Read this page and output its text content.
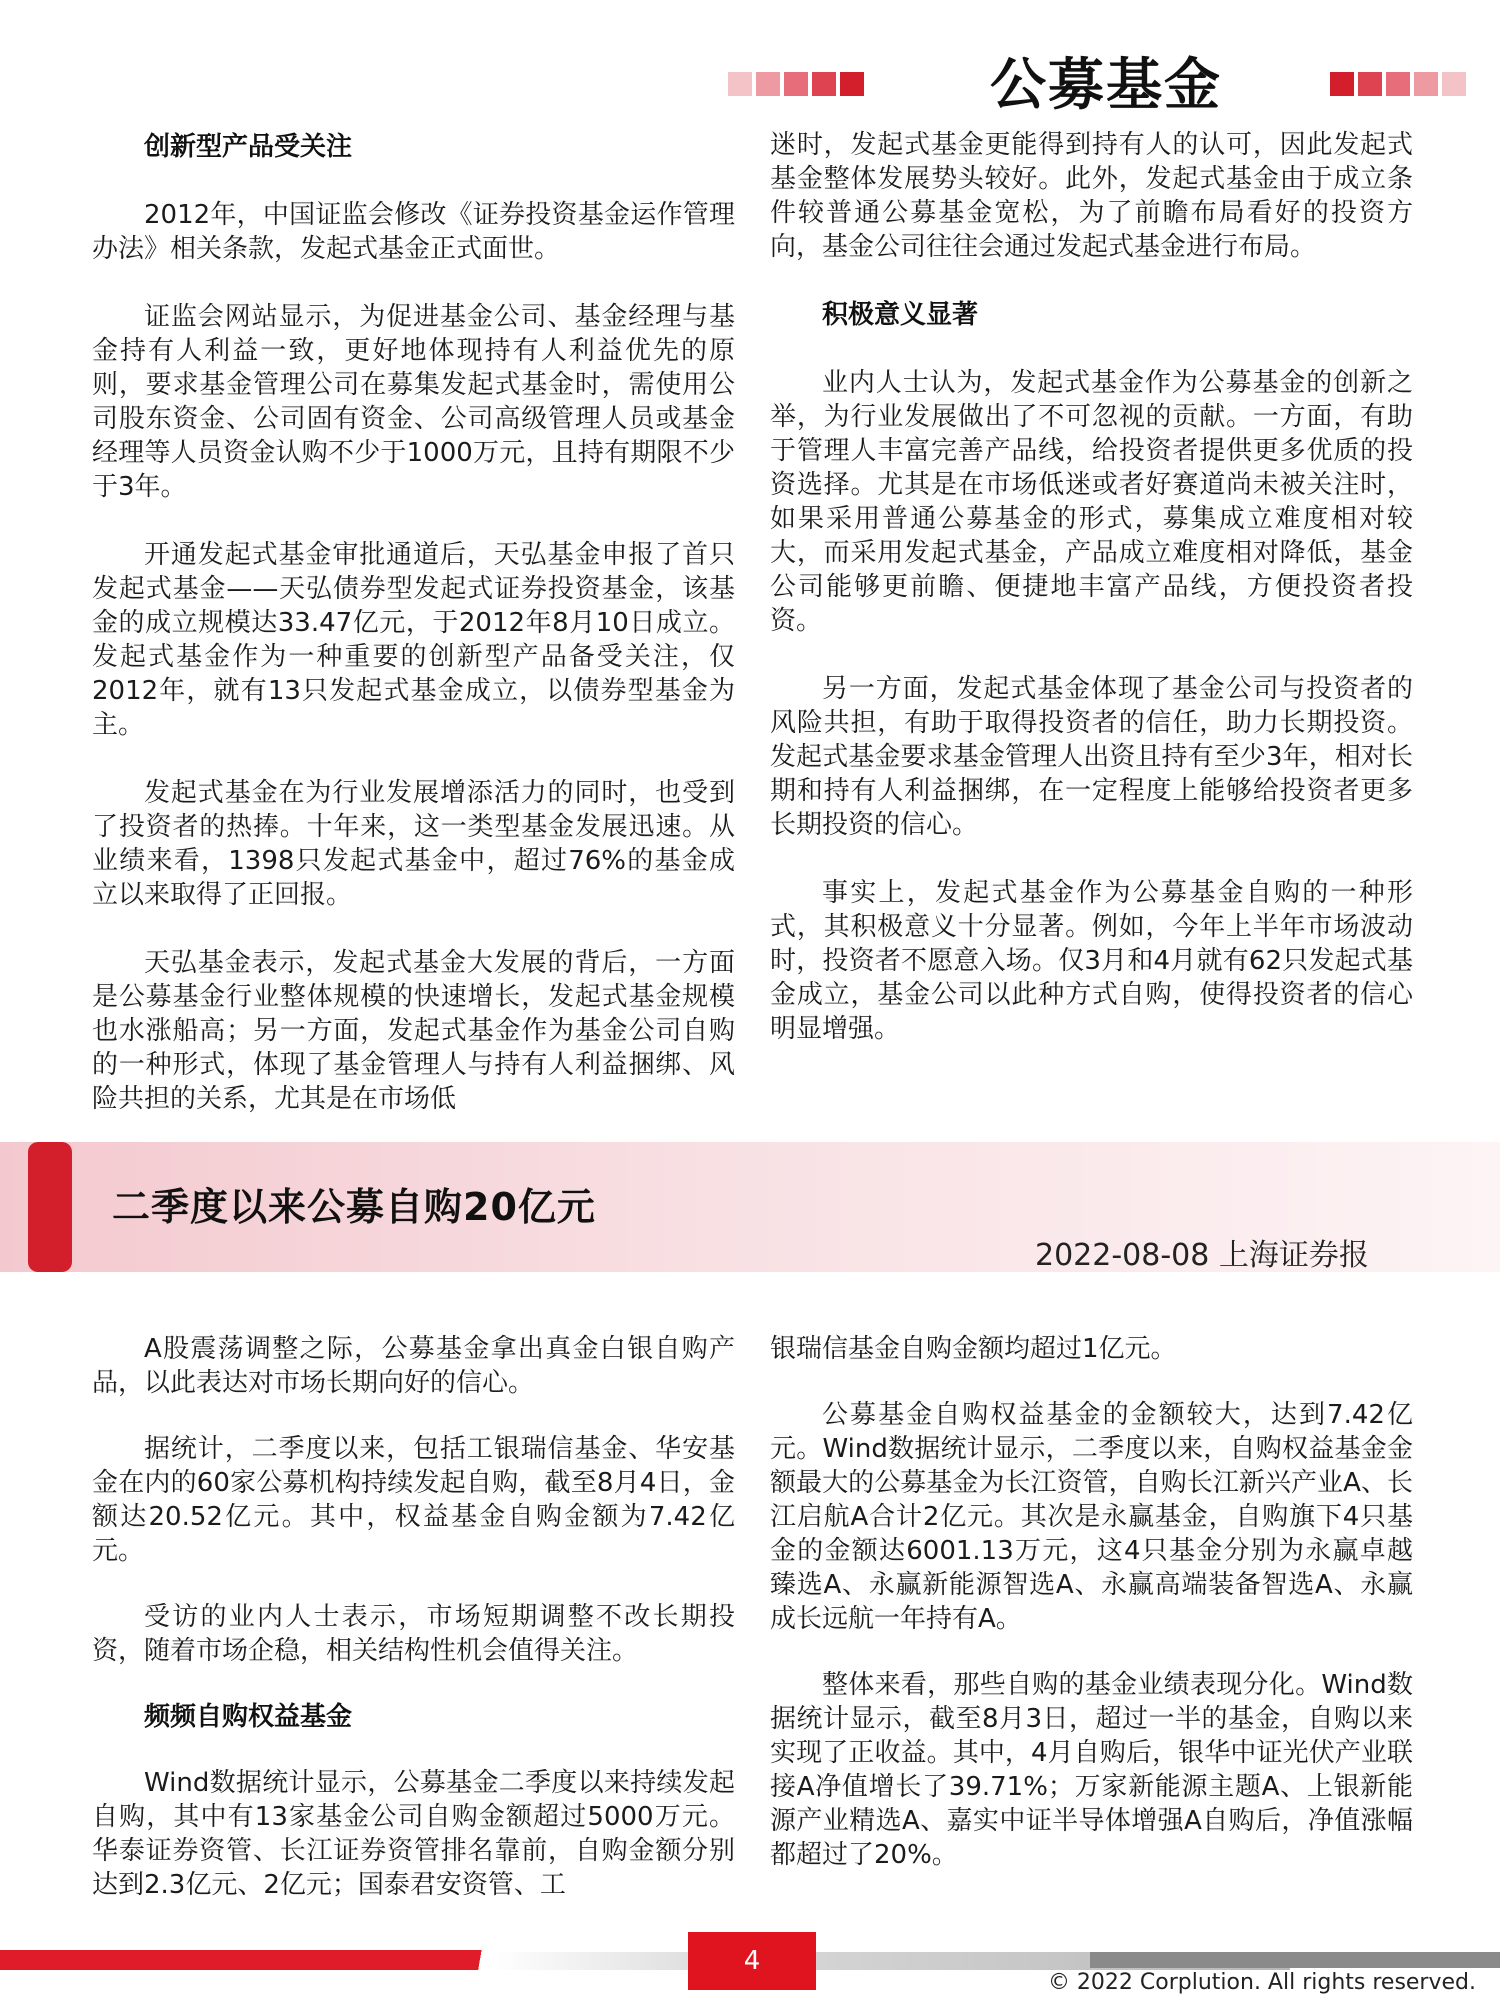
公募基金
创新型产品受关注

2012年，中国证监会修改《证券投资基金运作管理办法》相关条款，发起式基金正式面世。

证监会网站显示，为促进基金公司、基金经理与基金持有人利益一致，更好地体现持有人利益优先的原则，要求基金管理公司在募集发起式基金时，需使用公司股东资金、公司固有资金、公司高级管理人员或基金经理等人员资金认购不少于1000万元，且持有期限不少于3年。

开通发起式基金审批通道后，天弘基金申报了首只发起式基金——天弘债券型发起式证券投资基金，该基金的成立规模达33.47亿元，于2012年8月10日成立。发起式基金作为一种重要的创新型产品备受关注，仅2012年，就有13只发起式基金成立，以债券型基金为主。

发起式基金在为行业发展增添活力的同时，也受到了投资者的热捧。十年来，这一类型基金发展迅速。从业绩来看，1398只发起式基金中，超过76%的基金成立以来取得了正回报。

天弘基金表示，发起式基金大发展的背后，一方面是公募基金行业整体规模的快速增长，发起式基金规模也水涨船高；另一方面，发起式基金作为基金公司自购的一种形式，体现了基金管理人与持有人利益捆绑、风险共担的关系，尤其是在市场低

迷时，发起式基金更能得到持有人的认可，因此发起式基金整体发展势头较好。此外，发起式基金由于成立条件较普通公募基金宽松，为了前瞻布局看好的投资方向，基金公司往往会通过发起式基金进行布局。

积极意义显著

业内人士认为，发起式基金作为公募基金的创新之举，为行业发展做出了不可忽视的贡献。一方面，有助于管理人丰富完善产品线，给投资者提供更多优质的投资选择。尤其是在市场低迷或者好赛道尚未被关注时，如果采用普通公募基金的形式，募集成立难度相对较大，而采用发起式基金，产品成立难度相对降低，基金公司能够更前瞻、便捷地丰富产品线，方便投资者投资。

另一方面，发起式基金体现了基金公司与投资者的风险共担，有助于取得投资者的信任，助力长期投资。发起式基金要求基金管理人出资且持有至少3年，相对长期和持有人利益捆绑，在一定程度上能够给投资者更多长期投资的信心。

事实上，发起式基金作为公募基金自购的一种形式，其积极意义十分显著。例如，今年上半年市场波动时，投资者不愿意入场。仅3月和4月就有62只发起式基金成立，基金公司以此种方式自购，使得投资者的信心明显增强。

二季度以来公募自购20亿元
2022-08-08 上海证券报

A股震荡调整之际，公募基金拿出真金白银自购产品，以此表达对市场长期向好的信心。

据统计，二季度以来，包括工银瑞信基金、华安基金在内的60家公募机构持续发起自购，截至8月4日，金额达20.52亿元。其中，权益基金自购金额为7.42亿元。

受访的业内人士表示，市场短期调整不改长期投资，随着市场企稳，相关结构性机会值得关注。

频频自购权益基金

Wind数据统计显示，公募基金二季度以来持续发起自购，其中有13家基金公司自购金额超过5000万元。华泰证券资管、长江证券资管排名靠前，自购金额分别达到2.3亿元、2亿元；国泰君安资管、工

银瑞信基金自购金额均超过1亿元。

公募基金自购权益基金的金额较大，达到7.42亿元。Wind数据统计显示，二季度以来，自购权益基金金额最大的公募基金为长江资管，自购长江新兴产业A、长江启航A合计2亿元。其次是永赢基金，自购旗下4只基金的金额达6001.13万元，这4只基金分别为永赢卓越臻选A、永赢新能源智选A、永赢高端装备智选A、永赢成长远航一年持有A。

整体来看，那些自购的基金业绩表现分化。Wind数据统计显示，截至8月3日，超过一半的基金，自购以来实现了正收益。其中，4月自购后，银华中证光伏产业联接A净值增长了39.71%；万家新能源主题A、上银新能源产业精选A、嘉实中证半导体增强A自购后，净值涨幅都超过了20%。

4
© 2022 Corplution. All rights reserved.
